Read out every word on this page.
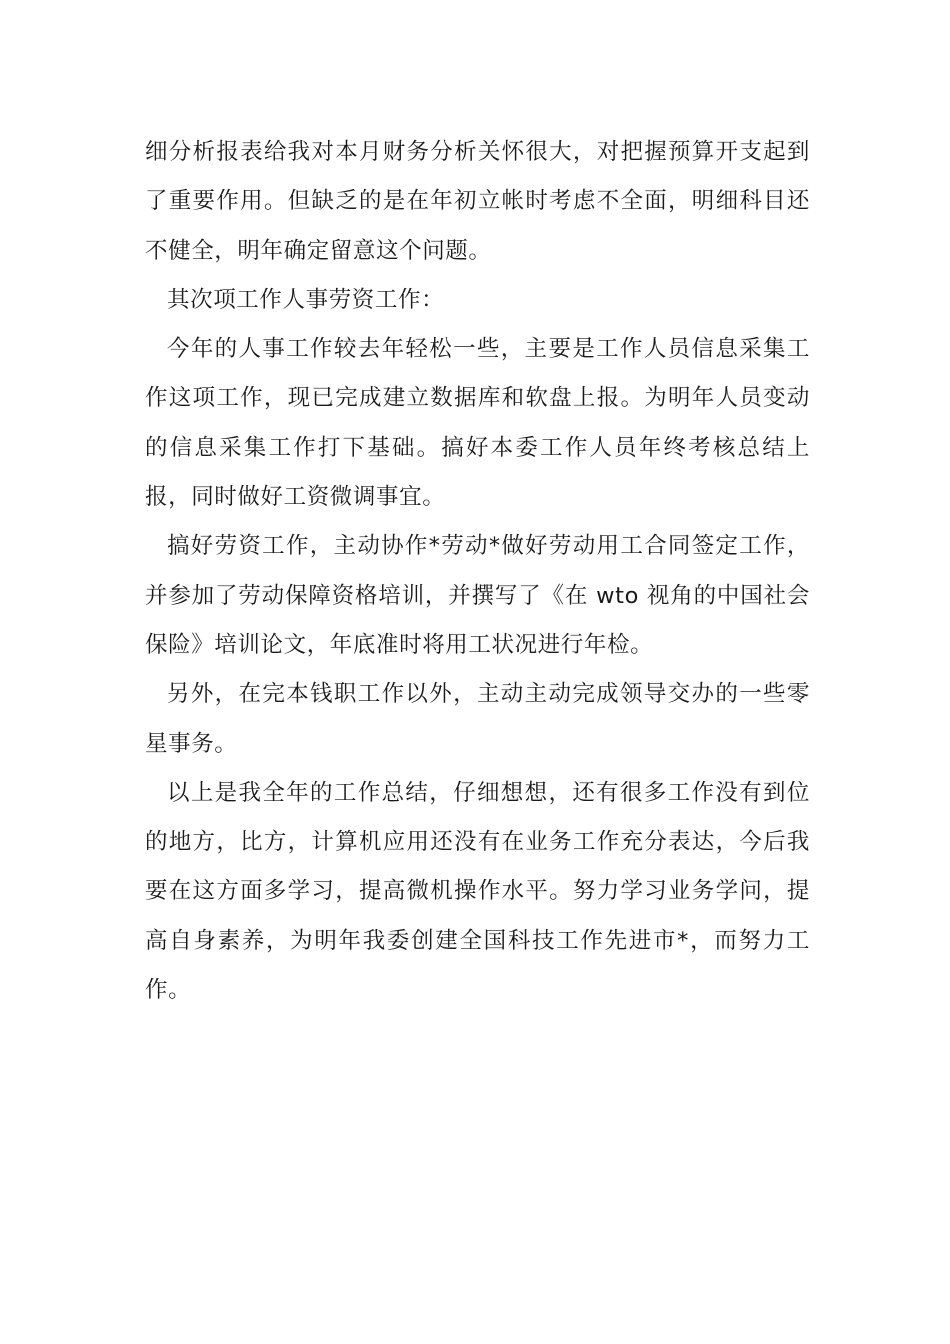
细分析报表给我对本月财务分析关怀很大，对把握预算开支起到了重要作用。但缺乏的是在年初立帐时考虑不全面，明细科目还不健全，明年确定留意这个问题。

其次项工作人事劳资工作：

今年的人事工作较去年轻松一些，主要是工作人员信息采集工作这项工作，现已完成建立数据库和软盘上报。为明年人员变动的信息采集工作打下基础。搞好本委工作人员年终考核总结上报，同时做好工资微调事宜。

搞好劳资工作，主动协作*劳动*做好劳动用工合同签定工作，并参加了劳动保障资格培训，并撰写了《在 wto 视角的中国社会保险》培训论文，年底准时将用工状况进行年检。

另外，在完本钱职工作以外，主动主动完成领导交办的一些零星事务。

以上是我全年的工作总结，仔细想想，还有很多工作没有到位的地方，比方，计算机应用还没有在业务工作充分表达，今后我要在这方面多学习，提高微机操作水平。努力学习业务学问，提高自身素养，为明年我委创建全国科技工作先进市*，而努力工作。
